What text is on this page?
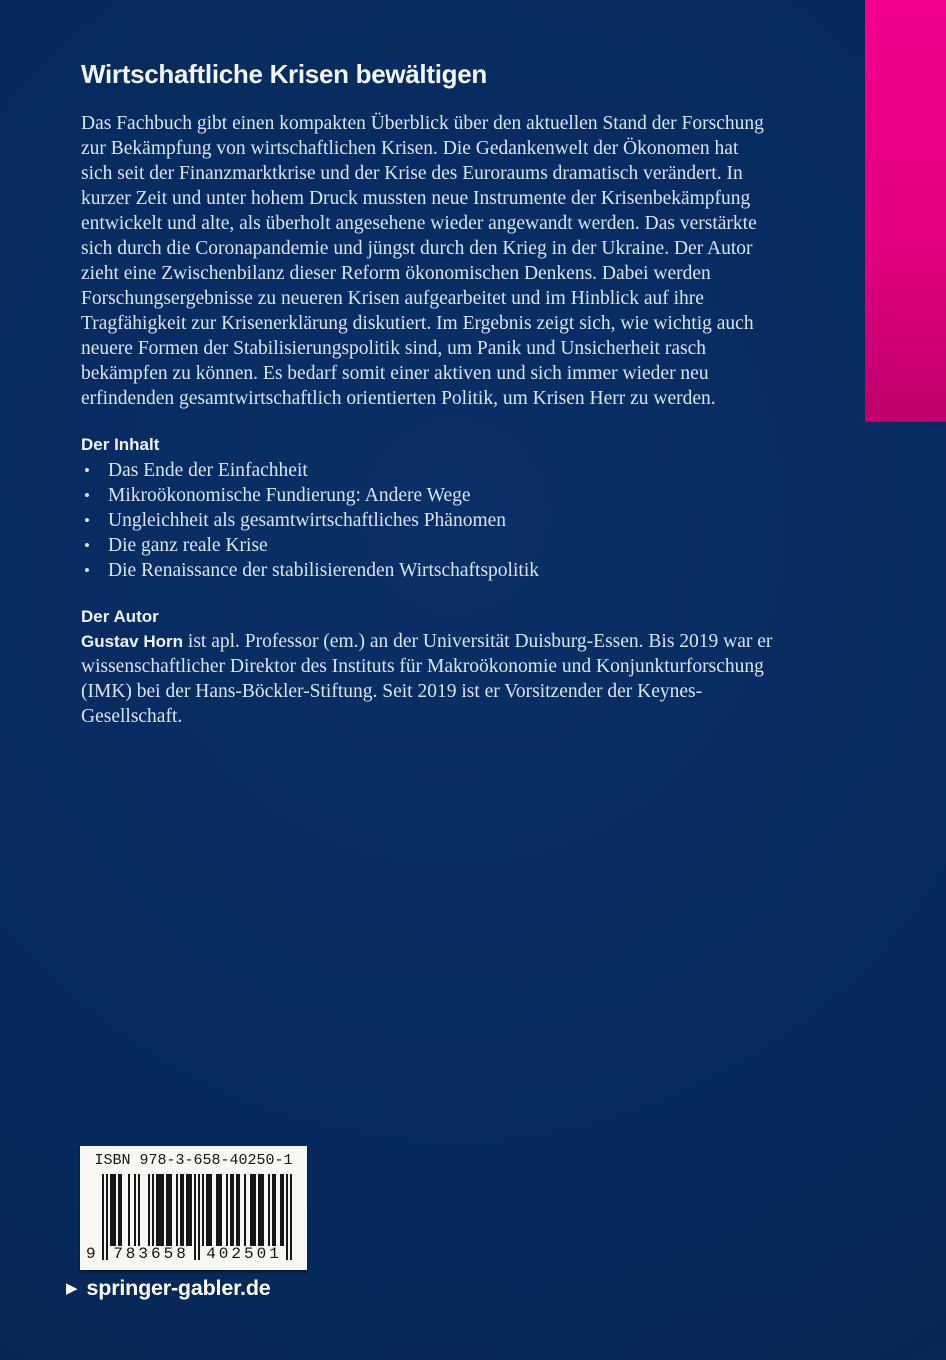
Wirtschaftliche Krisen bewältigen

Das Fachbuch gibt einen kompakten Überblick über den aktuellen Stand der Forschung zur Bekämpfung von wirtschaftlichen Krisen. Die Gedankenwelt der Ökonomen hat sich seit der Finanzmarktkrise und der Krise des Euroraums dramatisch verändert. In kurzer Zeit und unter hohem Druck mussten neue Instrumente der Krisenbekämpfung entwickelt und alte, als überholt angesehene wieder angewandt werden. Das verstärkte sich durch die Coronapandemie und jüngst durch den Krieg in der Ukraine. Der Autor zieht eine Zwischenbilanz dieser Reform ökonomischen Denkens. Dabei werden Forschungsergebnisse zu neueren Krisen aufgearbeitet und im Hinblick auf ihre Tragfähigkeit zur Krisenerklärung diskutiert. Im Ergebnis zeigt sich, wie wichtig auch neuere Formen der Stabilisierungspolitik sind, um Panik und Unsicherheit rasch bekämpfen zu können. Es bedarf somit einer aktiven und sich immer wieder neu erfindenden gesamtwirtschaftlich orientierten Politik, um Krisen Herr zu werden.

Der Inhalt
• Das Ende der Einfachheit
• Mikroökonomische Fundierung: Andere Wege
• Ungleichheit als gesamtwirtschaftliches Phänomen
• Die ganz reale Krise
• Die Renaissance der stabilisierenden Wirtschaftspolitik
Der Autor

Gustav Horn ist apl. Professor (em.) an der Universität Duisburg-Essen. Bis 2019 war er wissenschaftlicher Direktor des Instituts für Makroökonomie und Konjunkturforschung (IMK) bei der Hans-Böckler-Stiftung. Seit 2019 ist er Vorsitzender der Keynes-Gesellschaft.

ISBN 978-3-658-40250-1
9 783658 402501
▶ springer-gabler.de
